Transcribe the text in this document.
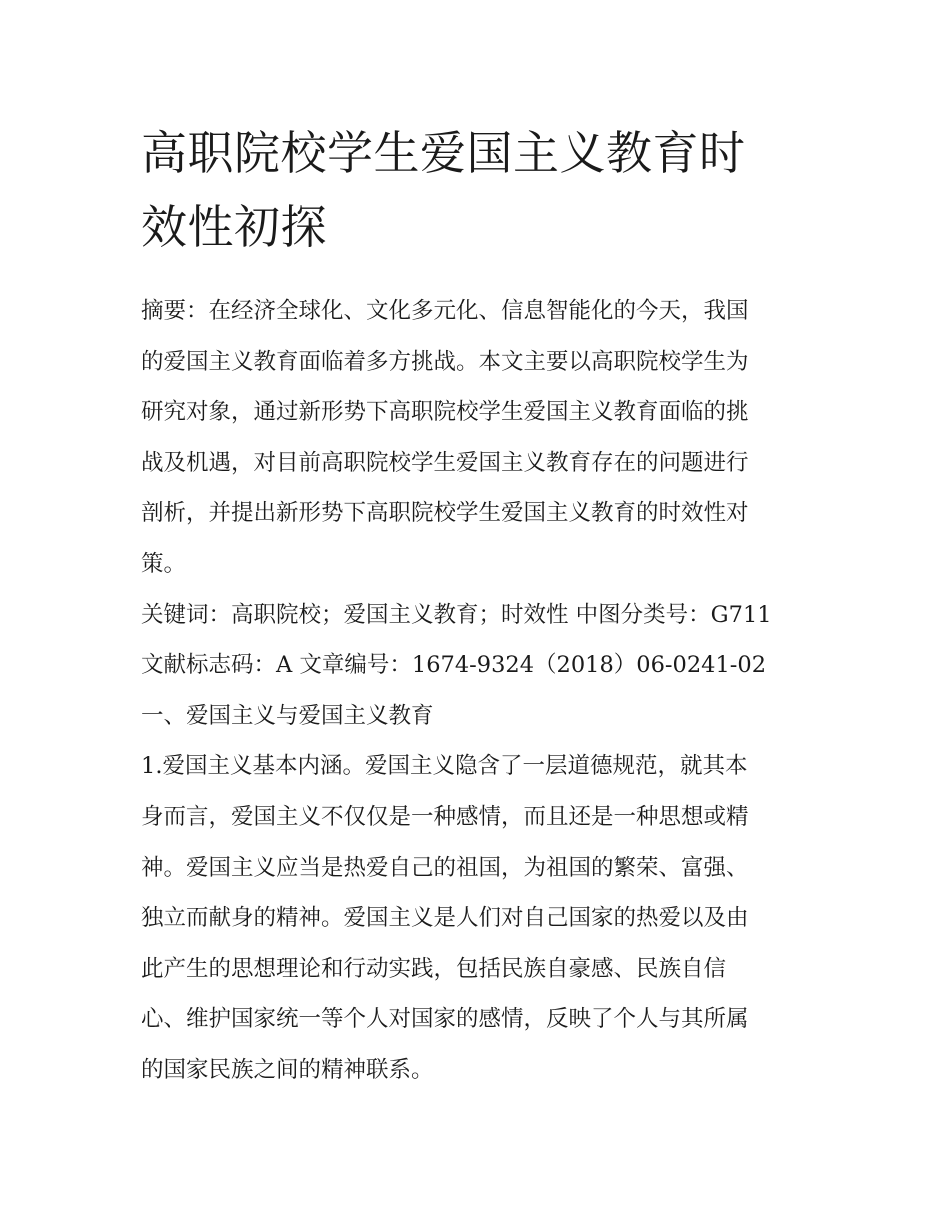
高职院校学生爱国主义教育时

效性初探

摘要：在经济全球化、文化多元化、信息智能化的今天，我国

的爱国主义教育面临着多方挑战。本文主要以高职院校学生为

研究对象，通过新形势下高职院校学生爱国主义教育面临的挑

战及机遇，对目前高职院校学生爱国主义教育存在的问题进行

剖析，并提出新形势下高职院校学生爱国主义教育的时效性对

策。

关键词：高职院校；爱国主义教育；时效性 中图分类号：G711

文献标志码：A 文章编号：1674-9324（2018）06-0241-02

一、爱国主义与爱国主义教育

1.爱国主义基本内涵。爱国主义隐含了一层道德规范，就其本

身而言，爱国主义不仅仅是一种感情，而且还是一种思想或精

神。爱国主义应当是热爱自己的祖国，为祖国的繁荣、富强、

独立而献身的精神。爱国主义是人们对自己国家的热爱以及由

此产生的思想理论和行动实践，包括民族自豪感、民族自信

心、维护国家统一等个人对国家的感情，反映了个人与其所属

的国家民族之间的精神联系。
